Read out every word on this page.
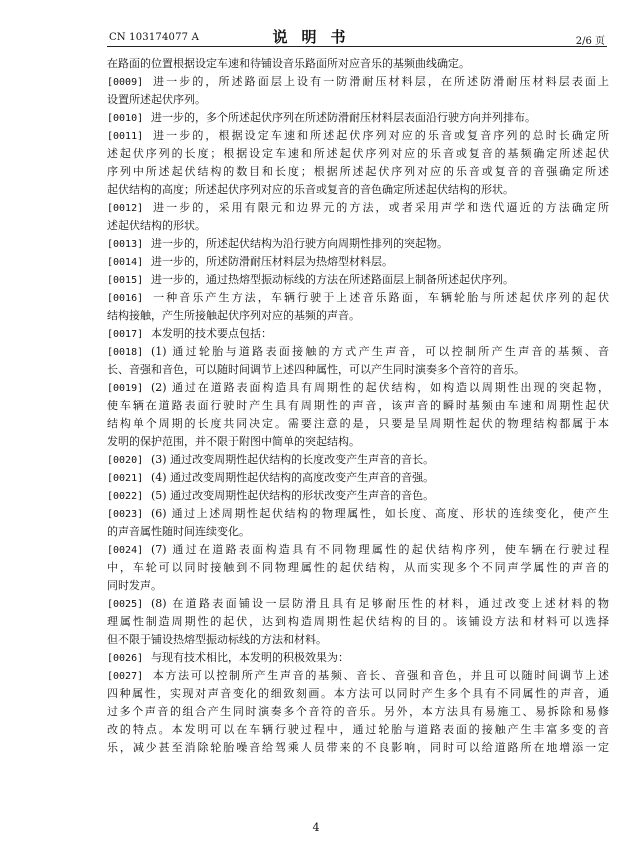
CN 103174077 A	说明书	2/6 页
在路面的位置根据设定车速和待铺设音乐路面所对应音乐的基频曲线确定。
[0009] 进一步的，所述路面层上设有一防滑耐压材料层，在所述防滑耐压材料层表面上
设置所述起伏序列。
[0010] 进一步的，多个所述起伏序列在所述防滑耐压材料层表面沿行驶方向并列排布。
[0011] 进一步的，根据设定车速和所述起伏序列对应的乐音或复音序列的总时长确定所
述起伏序列的长度；根据设定车速和所述起伏序列对应的乐音或复音的基频确定所述起伏
序列中所述起伏结构的数目和长度；根据所述起伏序列对应的乐音或复音的音强确定所述
起伏结构的高度；所述起伏序列对应的乐音或复音的音色确定所述起伏结构的形状。
[0012] 进一步的，采用有限元和边界元的方法，或者采用声学和迭代逼近的方法确定所
述起伏结构的形状。
[0013] 进一步的，所述起伏结构为沿行驶方向周期性排列的突起物。
[0014] 进一步的，所述防滑耐压材料层为热熔型材料层。
[0015] 进一步的，通过热熔型振动标线的方法在所述路面层上制备所述起伏序列。
[0016] 一种音乐产生方法，车辆行驶于上述音乐路面，车辆轮胎与所述起伏序列的起伏
结构接触，产生所接触起伏序列对应的基频的声音。
[0017] 本发明的技术要点包括：
[0018] (1) 通过轮胎与道路表面接触的方式产生声音，可以控制所产生声音的基频、音
长、音强和音色，可以随时间调节上述四种属性，可以产生同时演奏多个音符的音乐。
[0019] (2) 通过在道路表面构造具有周期性的起伏结构，如构造以周期性出现的突起物，
使车辆在道路表面行驶时产生具有周期性的声音，该声音的瞬时基频由车速和周期性起伏
结构单个周期的长度共同决定。需要注意的是，只要是呈周期性起伏的物理结构都属于本
发明的保护范围，并不限于附图中简单的突起结构。
[0020] (3) 通过改变周期性起伏结构的长度改变产生声音的音长。
[0021] (4) 通过改变周期性起伏结构的高度改变产生声音的音强。
[0022] (5) 通过改变周期性起伏结构的形状改变产生声音的音色。
[0023] (6) 通过上述周期性起伏结构的物理属性，如长度、高度、形状的连续变化，使产生
的声音属性随时间连续变化。
[0024] (7) 通过在道路表面构造具有不同物理属性的起伏结构序列，使车辆在行驶过程
中，车轮可以同时接触到不同物理属性的起伏结构，从而实现多个不同声学属性的声音的
同时发声。
[0025] (8) 在道路表面铺设一层防滑且具有足够耐压性的材料，通过改变上述材料的物
理属性制造周期性的起伏，达到构造周期性起伏结构的目的。该铺设方法和材料可以选择
但不限于铺设热熔型振动标线的方法和材料。
[0026] 与现有技术相比，本发明的积极效果为：
[0027] 本方法可以控制所产生声音的基频、音长、音强和音色，并且可以随时间调节上述
四种属性，实现对声音变化的细致刻画。本方法可以同时产生多个具有不同属性的声音，通
过多个声音的组合产生同时演奏多个音符的音乐。另外，本方法具有易施工、易拆除和易修
改的特点。本发明可以在车辆行驶过程中，通过轮胎与道路表面的接触产生丰富多变的音
乐，减少甚至消除轮胎噪音给驾乘人员带来的不良影响，同时可以给道路所在地增添一定
4
